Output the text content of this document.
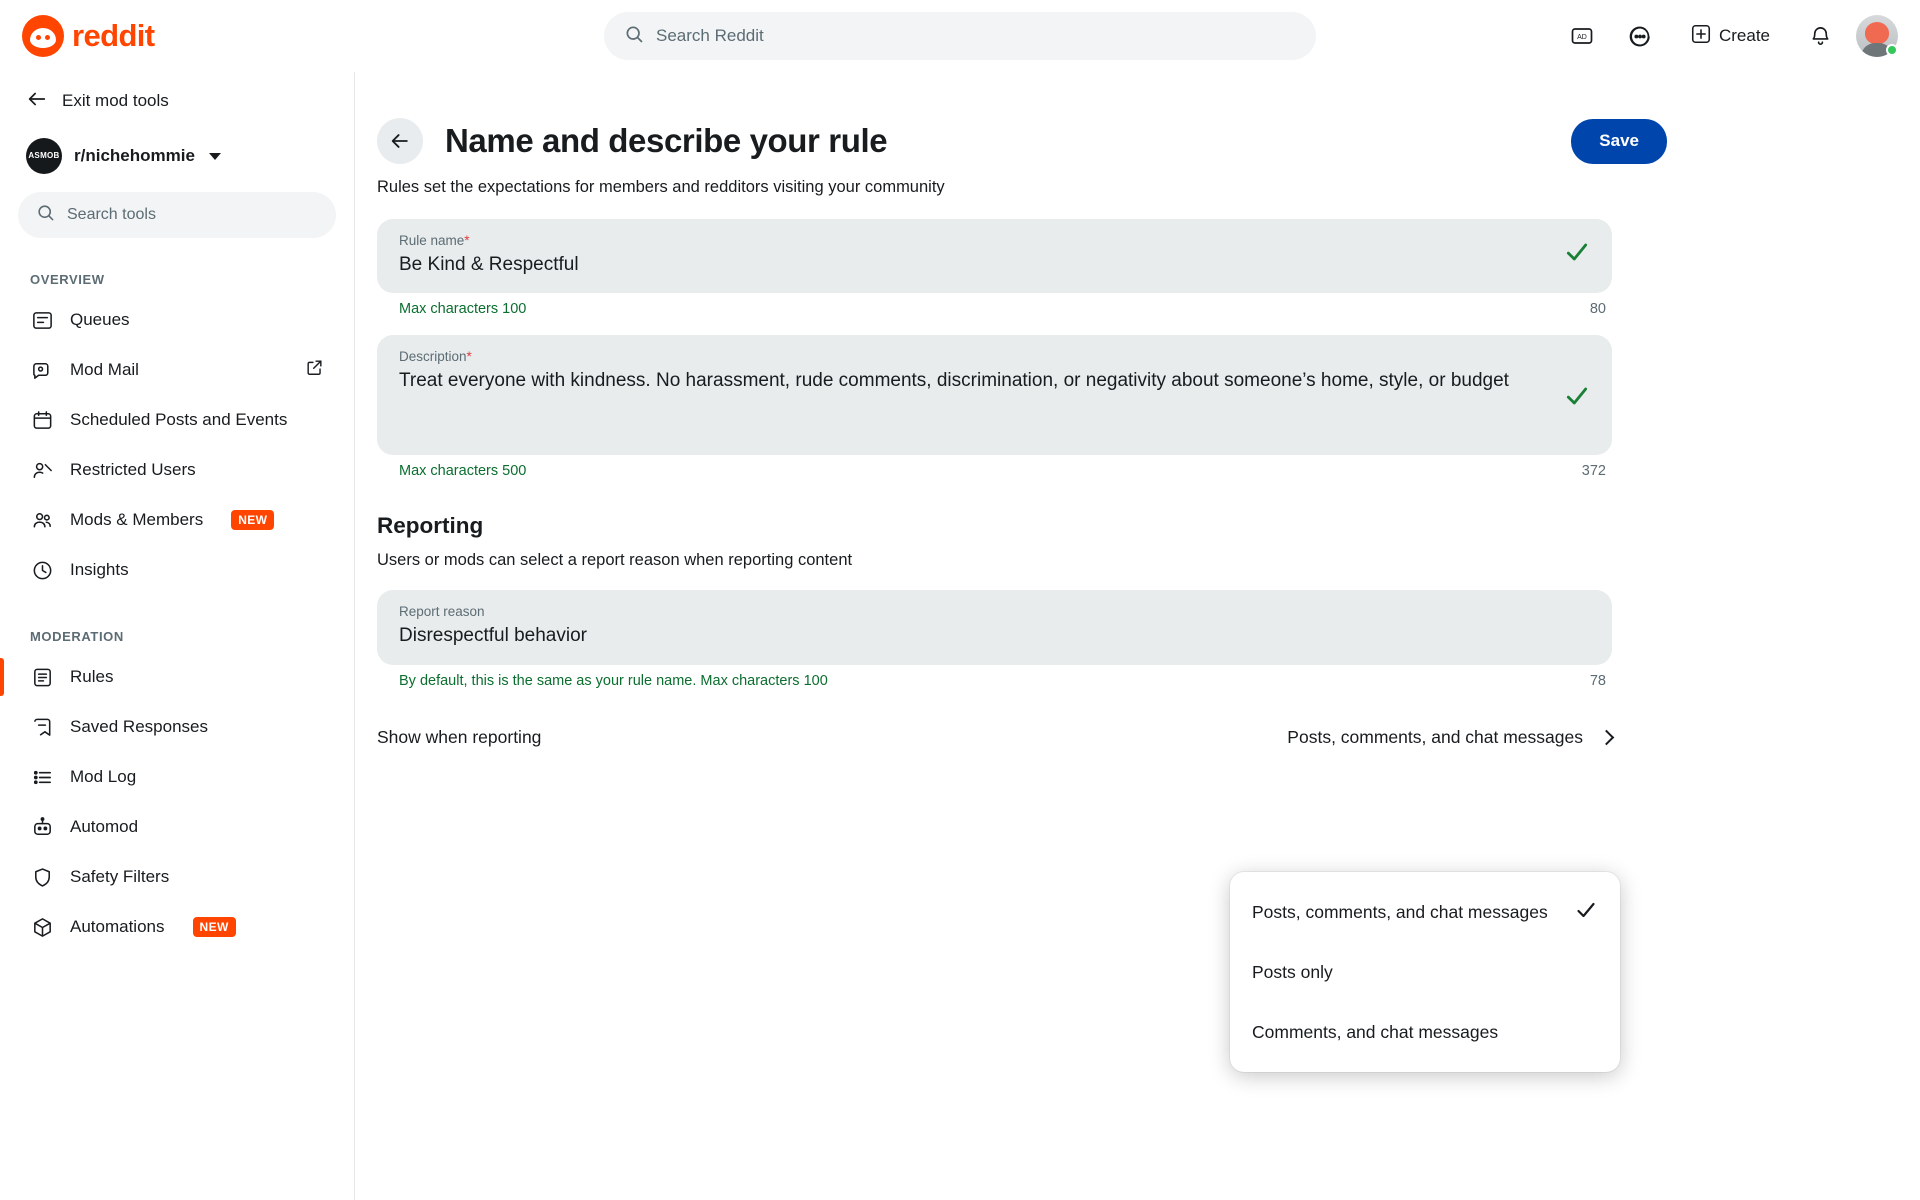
reddit	Search Reddit	AD	Create
Exit mod tools
ASMOB r/nichehommie
Search tools
OVERVIEW
Queues
Mod Mail
Scheduled Posts and Events
Restricted Users
Mods & Members	NEW
Insights
MODERATION
Rules
Saved Responses
Mod Log
Automod
Safety Filters
Automations	NEW
Name and describe your rule	Save
Rules set the expectations for members and redditors visiting your community
Rule name*
Be Kind & Respectful
Max characters 100	80
Description*
Treat everyone with kindness. No harassment, rude comments, discrimination, or negativity about someone’s home, style, or budget
Max characters 500	372
Reporting
Users or mods can select a report reason when reporting content
Report reason
Disrespectful behavior
By default, this is the same as your rule name. Max characters 100	78
Show when reporting	Posts, comments, and chat messages
Posts, comments, and chat messages
Posts only
Comments, and chat messages
